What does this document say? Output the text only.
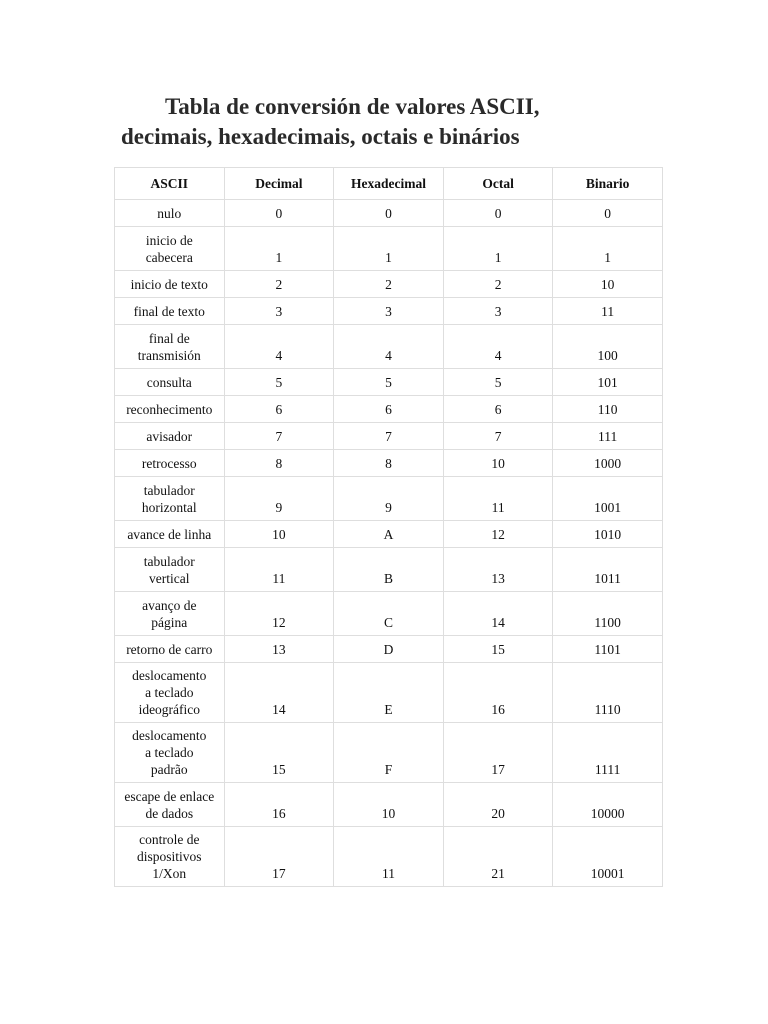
Tabla de conversión de valores ASCII,
decimais, hexadecimais, octais e binários
ASCII	Decimal	Hexadecimal	Octal	Binario
nulo	0	0	0	0
inicio de
cabecera	1	1	1	1
inicio de texto	2	2	2	10
final de texto	3	3	3	11
final de
transmisión	4	4	4	100
consulta	5	5	5	101
reconhecimento	6	6	6	110
avisador	7	7	7	111
retrocesso	8	8	10	1000
tabulador
horizontal	9	9	11	1001
avance de linha	10	A	12	1010
tabulador
vertical	11	B	13	1011
avanço de
página	12	C	14	1100
retorno de carro	13	D	15	1101
deslocamento
a teclado
ideográfico	14	E	16	1110
deslocamento
a teclado
padrão	15	F	17	1111
escape de enlace
de dados	16	10	20	10000
controle de
dispositivos
1/Xon	17	11	21	10001
